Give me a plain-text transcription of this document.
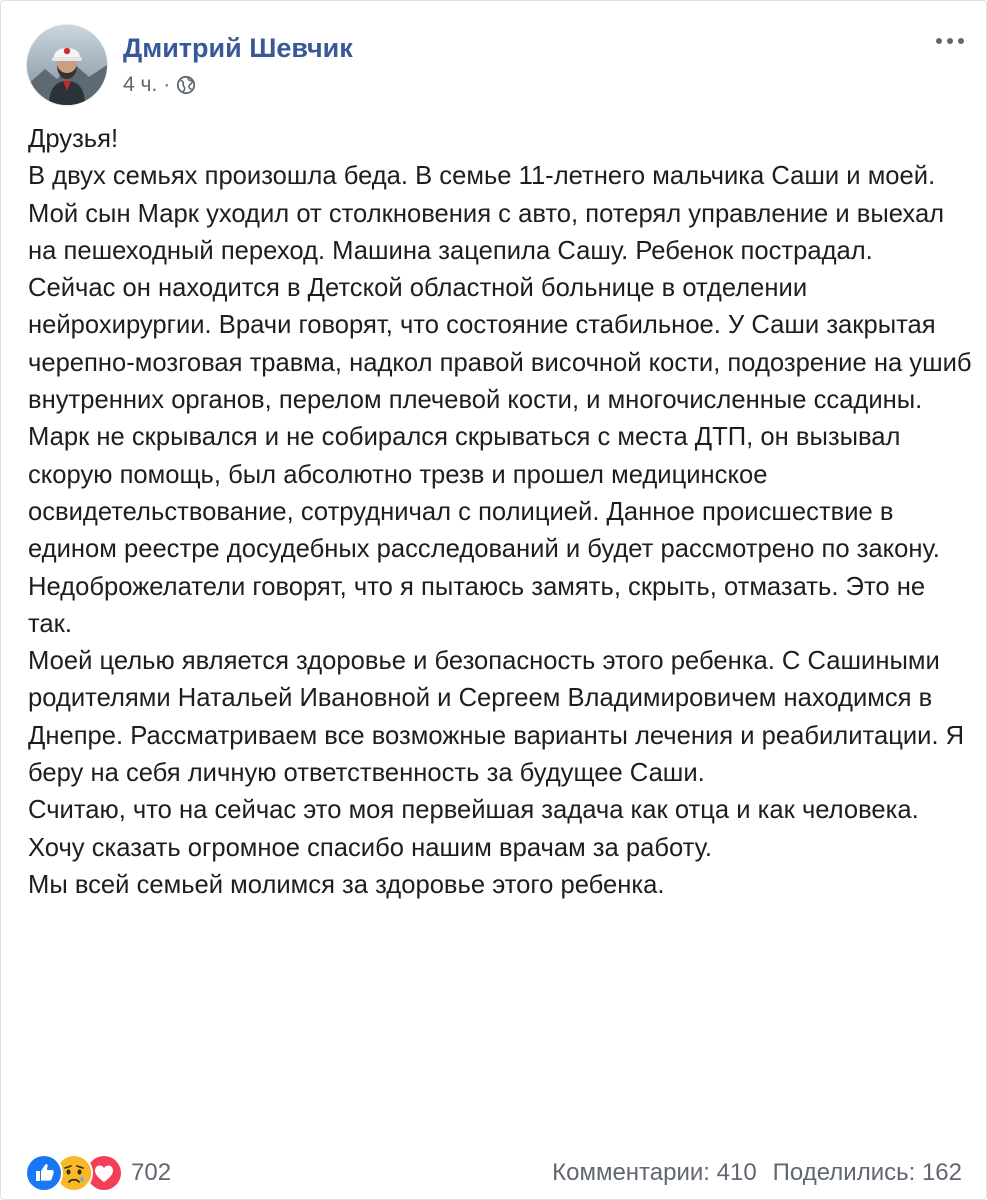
Дмитрий Шевчик
4 ч. ·

Друзья!

В двух семьях произошла беда. В семье 11-летнего мальчика Саши и моей.

Мой сын Марк уходил от столкновения с авто, потерял управление и выехал на пешеходный переход. Машина зацепила Сашу. Ребенок пострадал.

Сейчас он находится в Детской областной больнице в отделении нейрохирургии. Врачи говорят, что состояние стабильное. У Саши закрытая черепно-мозговая травма, надкол правой височной кости, подозрение на ушиб внутренних органов, перелом плечевой кости, и многочисленные ссадины.

Марк не скрывался и не собирался скрываться с места ДТП, он вызывал скорую помощь, был абсолютно трезв и прошел медицинское освидетельствование, сотрудничал с полицией. Данное происшествие в едином реестре досудебных расследований и будет рассмотрено по закону.

Недоброжелатели говорят, что я пытаюсь замять, скрыть, отмазать. Это не так.

Моей целью является здоровье и безопасность этого ребенка. С Сашиными родителями Натальей Ивановной и Сергеем Владимировичем находимся в Днепре. Рассматриваем все возможные варианты лечения и реабилитации. Я беру на себя личную ответственность за будущее Саши.

Считаю, что на сейчас это моя первейшая задача как отца и как человека.

Хочу сказать огромное спасибо нашим врачам за работу.

Мы всей семьей молимся за здоровье этого ребенка.

702	Комментарии: 410 Поделились: 162
